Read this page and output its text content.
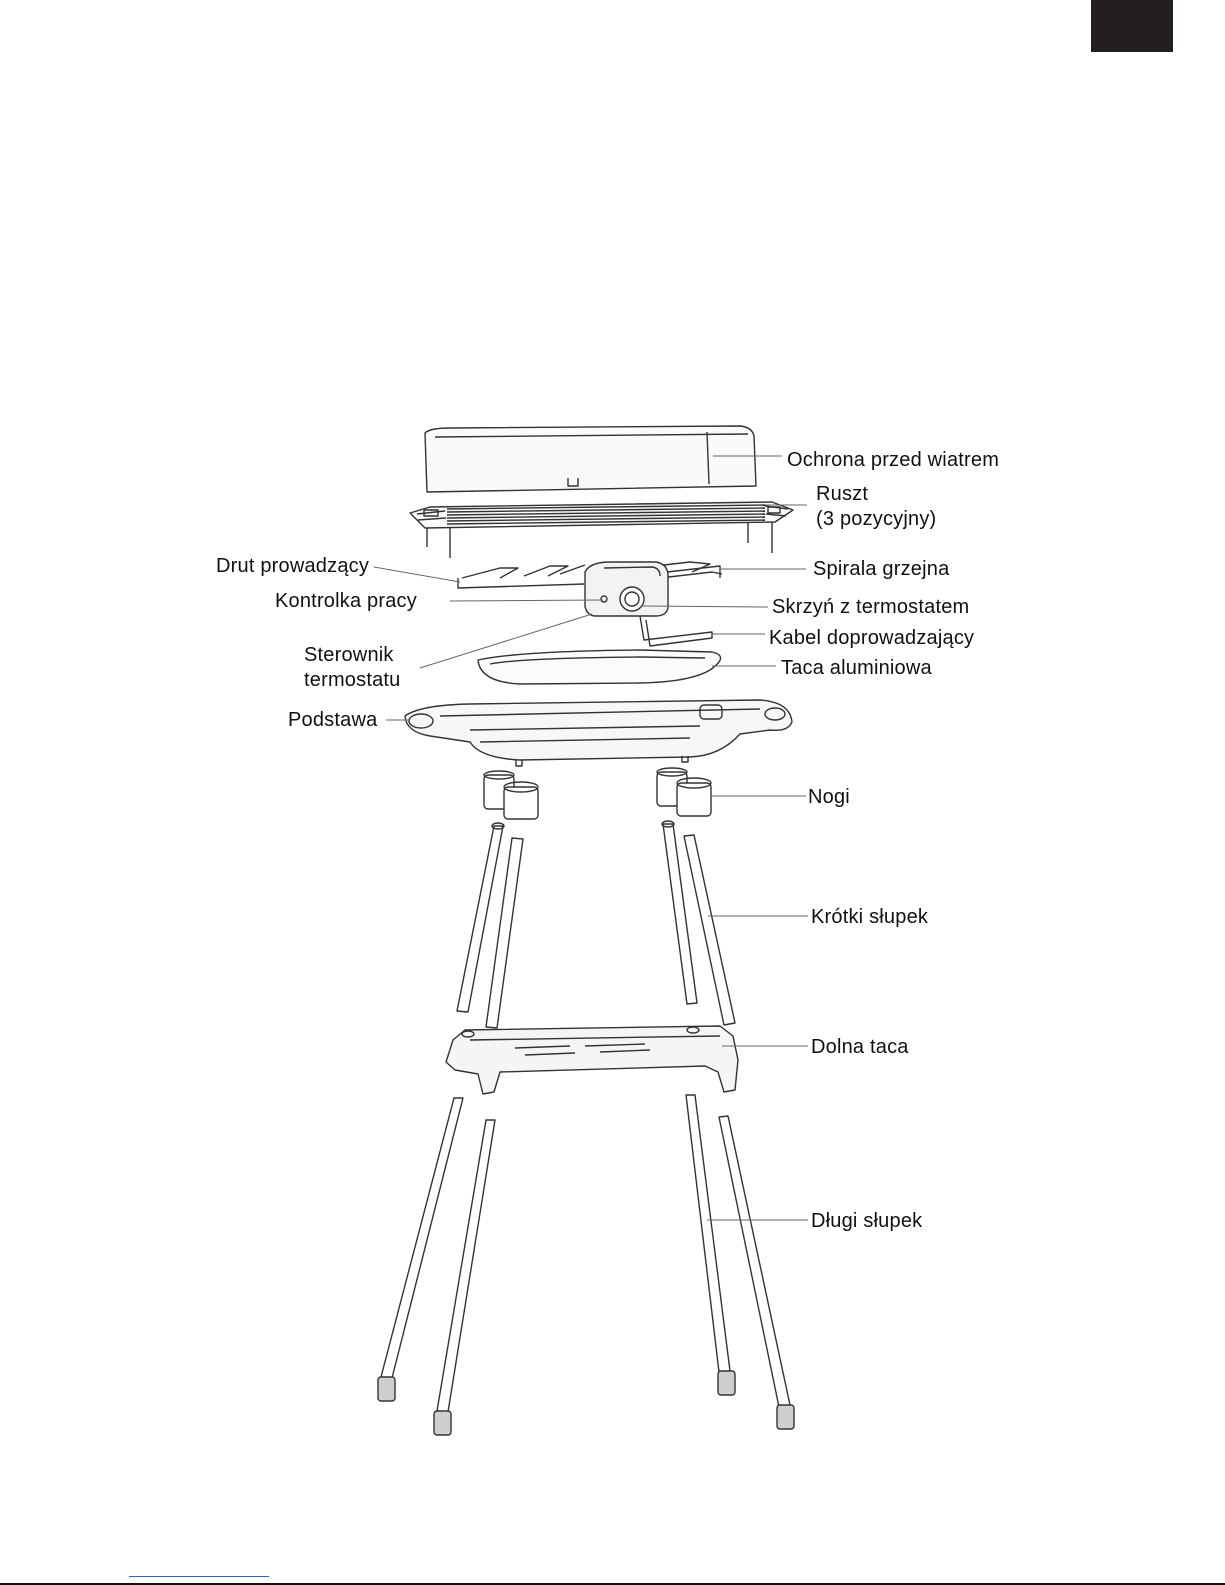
Ochrona przed wiatrem
Ruszt
(3 pozycyjny)
Drut prowadzący	Spirala grzejna
Kontrolka pracy	Skrzyń z termostatem
Kabel doprowadzający
Sterownik
termostatu
Taca aluminiowa
Podstawa
Nogi
Krótki słupek
Dolna taca
Długi słupek
